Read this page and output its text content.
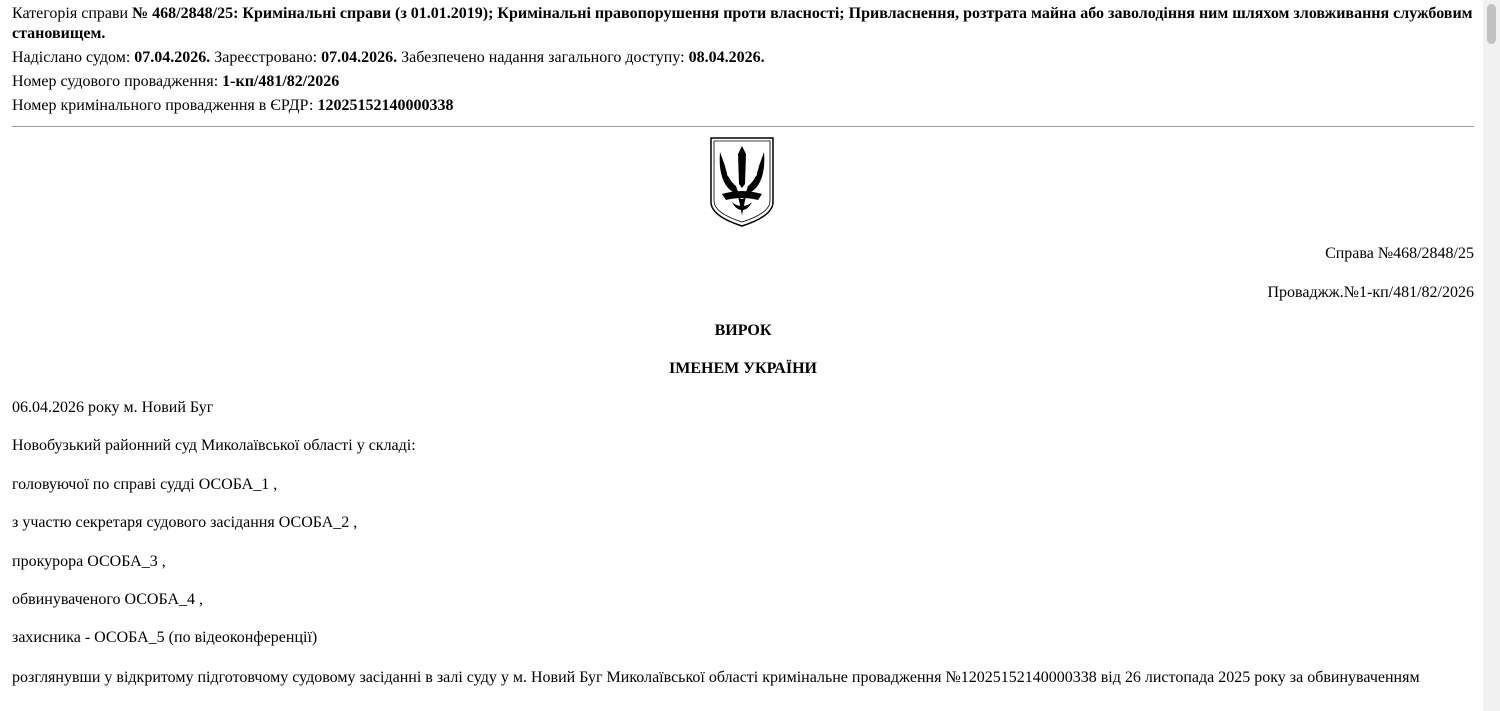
Категорія справи № 468/2848/25: Кримінальні справи (з 01.01.2019); Кримінальні правопорушення проти власності; Привласнення, розтрата майна або заволодіння ним шляхом зловживання службовим становищем.
Надіслано судом: 07.04.2026. Зареєстровано: 07.04.2026. Забезпечено надання загального доступу: 08.04.2026.
Номер судового провадження: 1-кп/481/82/2026
Номер кримінального провадження в ЄРДР: 12025152140000338
Справа №468/2848/25
Проваджж.№1-кп/481/82/2026
ВИРОК
ІМЕНЕМ УКРАЇНИ
06.04.2026 року м. Новий Буг
Новобузький районний суд Миколаївської області у складі:
головуючої по справі судді ОСОБА_1 ,
з участю секретаря судового засідання ОСОБА_2 ,
прокурора ОСОБА_3 ,
обвинуваченого ОСОБА_4 ,
захисника - ОСОБА_5 (по відеоконференції)
розглянувши у відкритому підготовчому судовому засіданні в залі суду у м. Новий Буг Миколаївської області кримінальне провадження №12025152140000338 від 26 листопада 2025 року за обвинуваченням
